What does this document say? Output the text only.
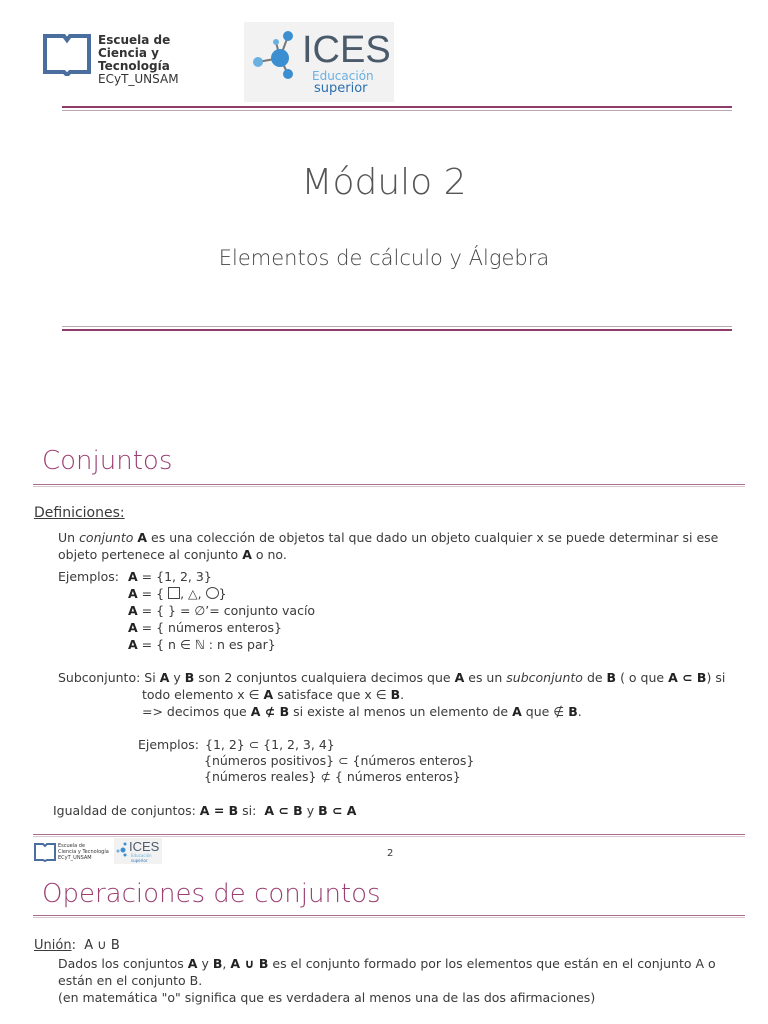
Escuela de
Ciencia y Tecnología
ECyT_UNSAM
ICES
Educación
superior
Módulo 2
Elementos de cálculo y Álgebra
Conjuntos
Definiciones:
Un conjunto A es una colección de objetos tal que dado un objeto cualquier x se puede determinar si ese
objeto pertenece al conjunto A o no.
Ejemplos: A = {1, 2, 3}
A = { , △, }
A = { } = ∅’= conjunto vacío
A = { números enteros}
A = { n ∈ ℕ : n es par}
Subconjunto: Si A y B son 2 conjuntos cualquiera decimos que A es un subconjunto de B ( o que A ⊂ B) si
todo elemento x ∈ A satisface que x ∈ B.
=> decimos que A ⊄ B si existe al menos un elemento de A que ∉ B.
Ejemplos: {1, 2} ⊂ {1, 2, 3, 4}
{números positivos} ⊂ {números enteros}
{números reales} ⊄ { números enteros}
Igualdad de conjuntos: A = B si: A ⊂ B y B ⊂ A
Escuela de
Ciencia y Tecnología
ECyT_UNSAM
ICES
Educación
superior
2
Operaciones de conjuntos
Unión: A ∪ B
Dados los conjuntos A y B, A ∪ B es el conjunto formado por los elementos que están en el conjunto A o
están en el conjunto B.
(en matemática "o" significa que es verdadera al menos una de las dos afirmaciones)
